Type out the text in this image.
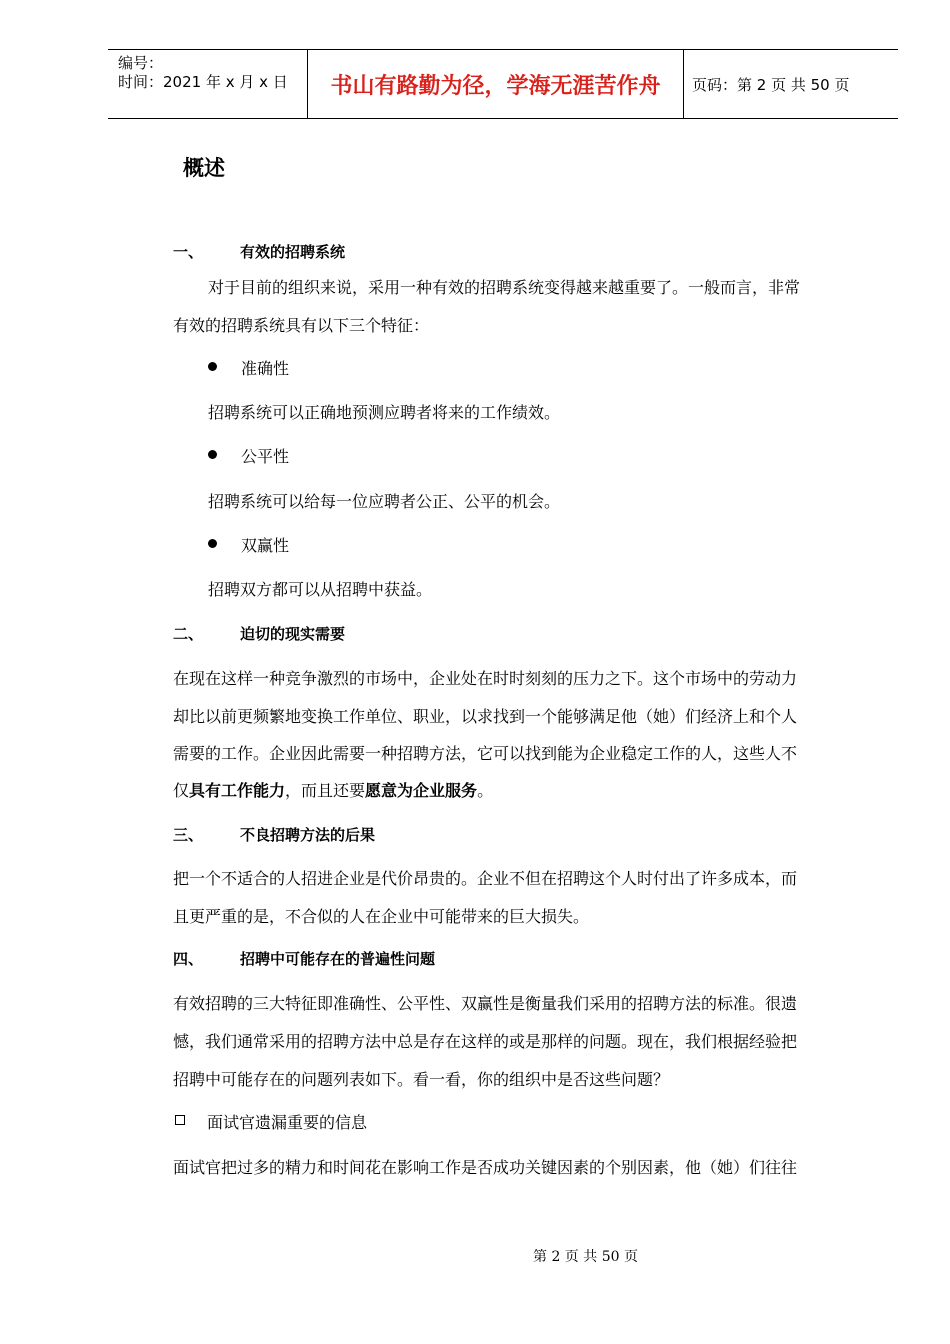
编号：
时间：2021 年 x 月 x 日	书山有路勤为径，学海无涯苦作舟	页码：第 2 页 共 50 页
概述
一、 有效的招聘系统
对于目前的组织来说，采用一种有效的招聘系统变得越来越重要了。一般而言，非常
有效的招聘系统具有以下三个特征：
准确性
招聘系统可以正确地预测应聘者将来的工作绩效。
公平性
招聘系统可以给每一位应聘者公正、公平的机会。
双赢性
招聘双方都可以从招聘中获益。
二、 迫切的现实需要
在现在这样一种竞争激烈的市场中，企业处在时时刻刻的压力之下。这个市场中的劳动力
却比以前更频繁地变换工作单位、职业，以求找到一个能够满足他（她）们经济上和个人
需要的工作。企业因此需要一种招聘方法，它可以找到能为企业稳定工作的人，这些人不
仅具有工作能力，而且还要愿意为企业服务。
三、 不良招聘方法的后果
把一个不适合的人招进企业是代价昂贵的。企业不但在招聘这个人时付出了许多成本，而
且更严重的是，不合似的人在企业中可能带来的巨大损失。
四、 招聘中可能存在的普遍性问题
有效招聘的三大特征即准确性、公平性、双赢性是衡量我们采用的招聘方法的标准。很遗
憾，我们通常采用的招聘方法中总是存在这样的或是那样的问题。现在，我们根据经验把
招聘中可能存在的问题列表如下。看一看，你的组织中是否这些问题？
面试官遗漏重要的信息
面试官把过多的精力和时间花在影响工作是否成功关键因素的个别因素，他（她）们往往
第 2 页 共 50 页
